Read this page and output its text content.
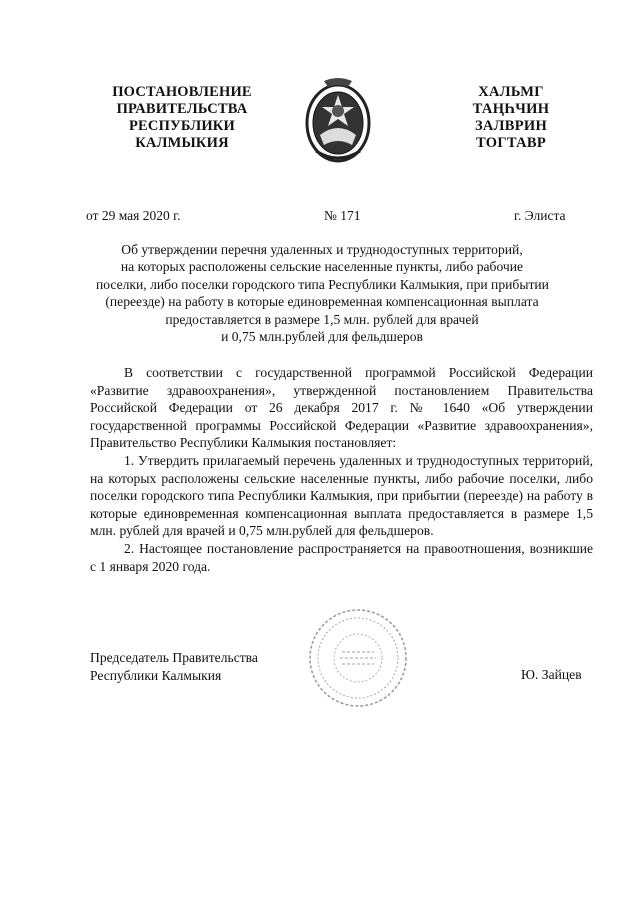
ПОСТАНОВЛЕНИЕ
ПРАВИТЕЛЬСТВА
РЕСПУБЛИКИ
КАЛМЫКИЯ
ХАЛЬМГ
ТАҢҺЧИН
ЗАЛВРИН
ТОГТАВР
от 29 мая 2020 г.	№ 171	г. Элиста
Об утверждении перечня удаленных и труднодоступных территорий,
на которых расположены сельские населенные пункты, либо рабочие
поселки, либо поселки городского типа Республики Калмыкия, при прибытии
(переезде) на работу в которые единовременная компенсационная выплата
предоставляется в размере 1,5 млн. рублей для врачей
и 0,75 млн.рублей для фельдшеров

В соответствии с государственной программой Российской Федерации «Развитие здравоохранения», утвержденной постановлением Правительства Российской Федерации от 26 декабря 2017 г. № 1640 «Об утверждении государственной программы Российской Федерации «Развитие здравоохранения», Правительство Республики Калмыкия постановляет:

1. Утвердить прилагаемый перечень удаленных и труднодоступных территорий, на которых расположены сельские населенные пункты, либо рабочие поселки, либо поселки городского типа Республики Калмыкия, при прибытии (переезде) на работу в которые единовременная компенсационная выплата предоставляется в размере 1,5 млн. рублей для врачей и 0,75 млн.рублей для фельдшеров.

2. Настоящее постановление распространяется на правоотношения, возникшие с 1 января 2020 года.

Председатель Правительства
Республики Калмыкия	Ю. Зайцев
